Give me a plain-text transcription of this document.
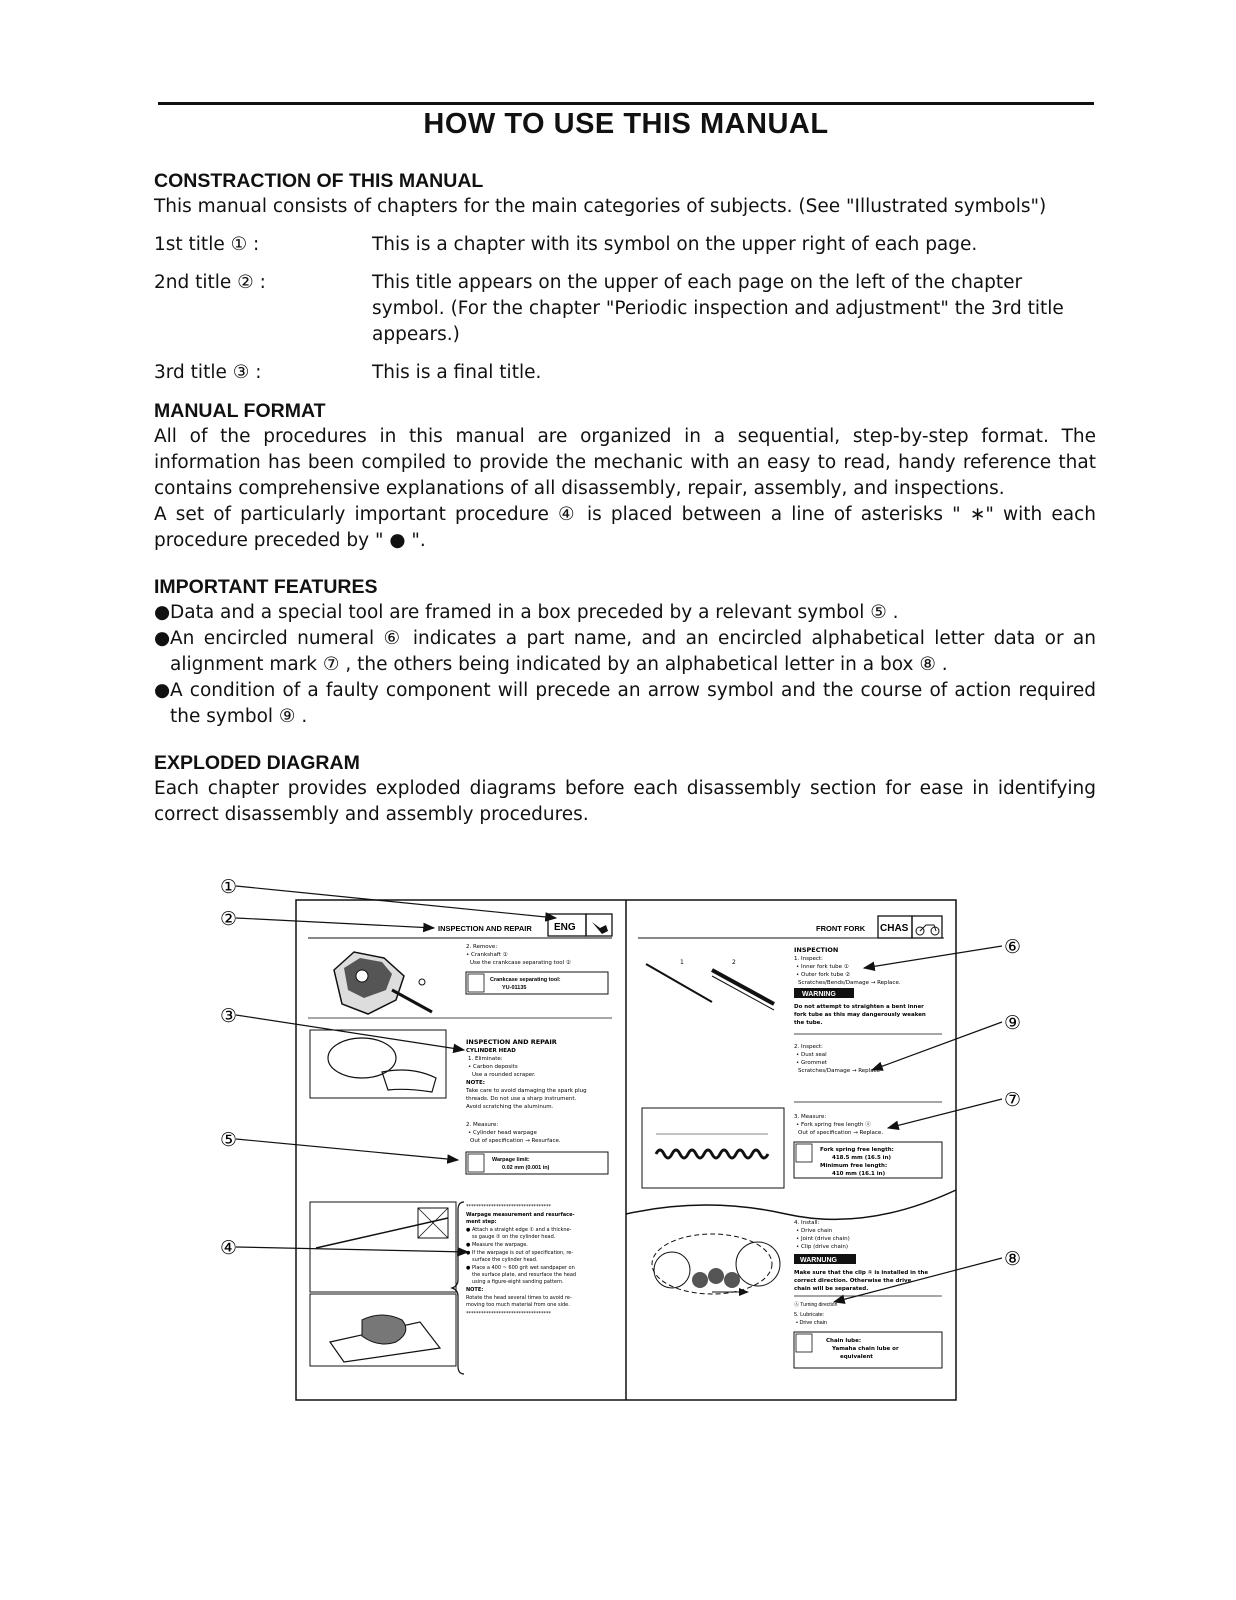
HOW TO USE THIS MANUAL

CONSTRACTION OF THIS MANUAL

This manual consists of chapters for the main categories of subjects. (See "Illustrated symbols")

1st title ① :	This is a chapter with its symbol on the upper right of each page.
2nd title ② :	This title appears on the upper of each page on the left of the chapter symbol. (For the chapter "Periodic inspection and adjustment" the 3rd title appears.)
3rd title ③ :	This is a final title.

MANUAL FORMAT

All of the procedures in this manual are organized in a sequential, step-by-step format. The information has been compiled to provide the mechanic with an easy to read, handy reference that contains comprehensive explanations of all disassembly, repair, assembly, and inspections.

A set of particularly important procedure ④ is placed between a line of asterisks " ∗" with each procedure preceded by " ● ".

IMPORTANT FEATURES

● Data and a special tool are framed in a box preceded by a relevant symbol ⑤ .
● An encircled numeral ⑥ indicates a part name, and an encircled alphabetical letter data or an alignment mark ⑦ , the others being indicated by an alphabetical letter in a box ⑧ .
● A condition of a faulty component will precede an arrow symbol and the course of action required the symbol ⑨ .

EXPLODED DIAGRAM

Each chapter provides exploded diagrams before each disassembly section for ease in identifying correct disassembly and assembly procedures.

INSPECTION AND REPAIR ENG
2. Remove:
• Crankshaft ①
Use the crankcase separating tool ②
Crankcase separating tool:
YU-01135
INSPECTION AND REPAIR
CYLINDER HEAD
1. Eliminate:
• Carbon deposits
Use a rounded scraper.
NOTE:
Take care to avoid damaging the spark plug
threads. Do not use a sharp instrument.
Avoid scratching the aluminum.
2. Measure:
• Cylinder head warpage
Out of specification → Resurface.
Warpage limit:
0.02 mm (0.001 in)
**********************************
Warpage measurement and resurface-
ment step:
● Attach a straight edge ① and a thickne-
ss gauge ② on the cylinder head.
● Measure the warpage.
● If the warpage is out of specification, re-
surface the cylinder head.
● Place a 400 ~ 600 grit wet sandpaper on
the surface plate, and resurface the head
using a figure-eight sanding pattern.
NOTE:
Rotate the head several times to avoid re-
moving too much material from one side.
**********************************
FRONT FORK CHAS
1	2
INSPECTION
1. Inspect:
• Inner fork tube ①
• Outer fork tube ②
Scratches/Bends/Damage → Replace.
WARNING
Do not attempt to straighten a bent inner
fork tube as this may dangerously weaken
the tube.
2. Inspect:
• Dust seal
• Grommet
Scratches/Damage → Replace
3. Measure:
• Fork spring free length ⓐ
Out of specification → Replace.
Fork spring free length:
418.5 mm (16.5 in)
Minimum free length:
410 mm (16.1 in)
4. Install:
• Drive chain
• Joint (drive chain)
• Clip (drive chain)
WARNUNG
Make sure that the clip ① is installed in the
correct direction. Otherwise the drive
chain will be separated.
Ⓐ Turning direction
5. Lubricate:
• Drive chain
Chain lube:
Yamaha chain lube or
equivalent
①
②
③
④
⑤
⑥
⑦
⑧
⑨
